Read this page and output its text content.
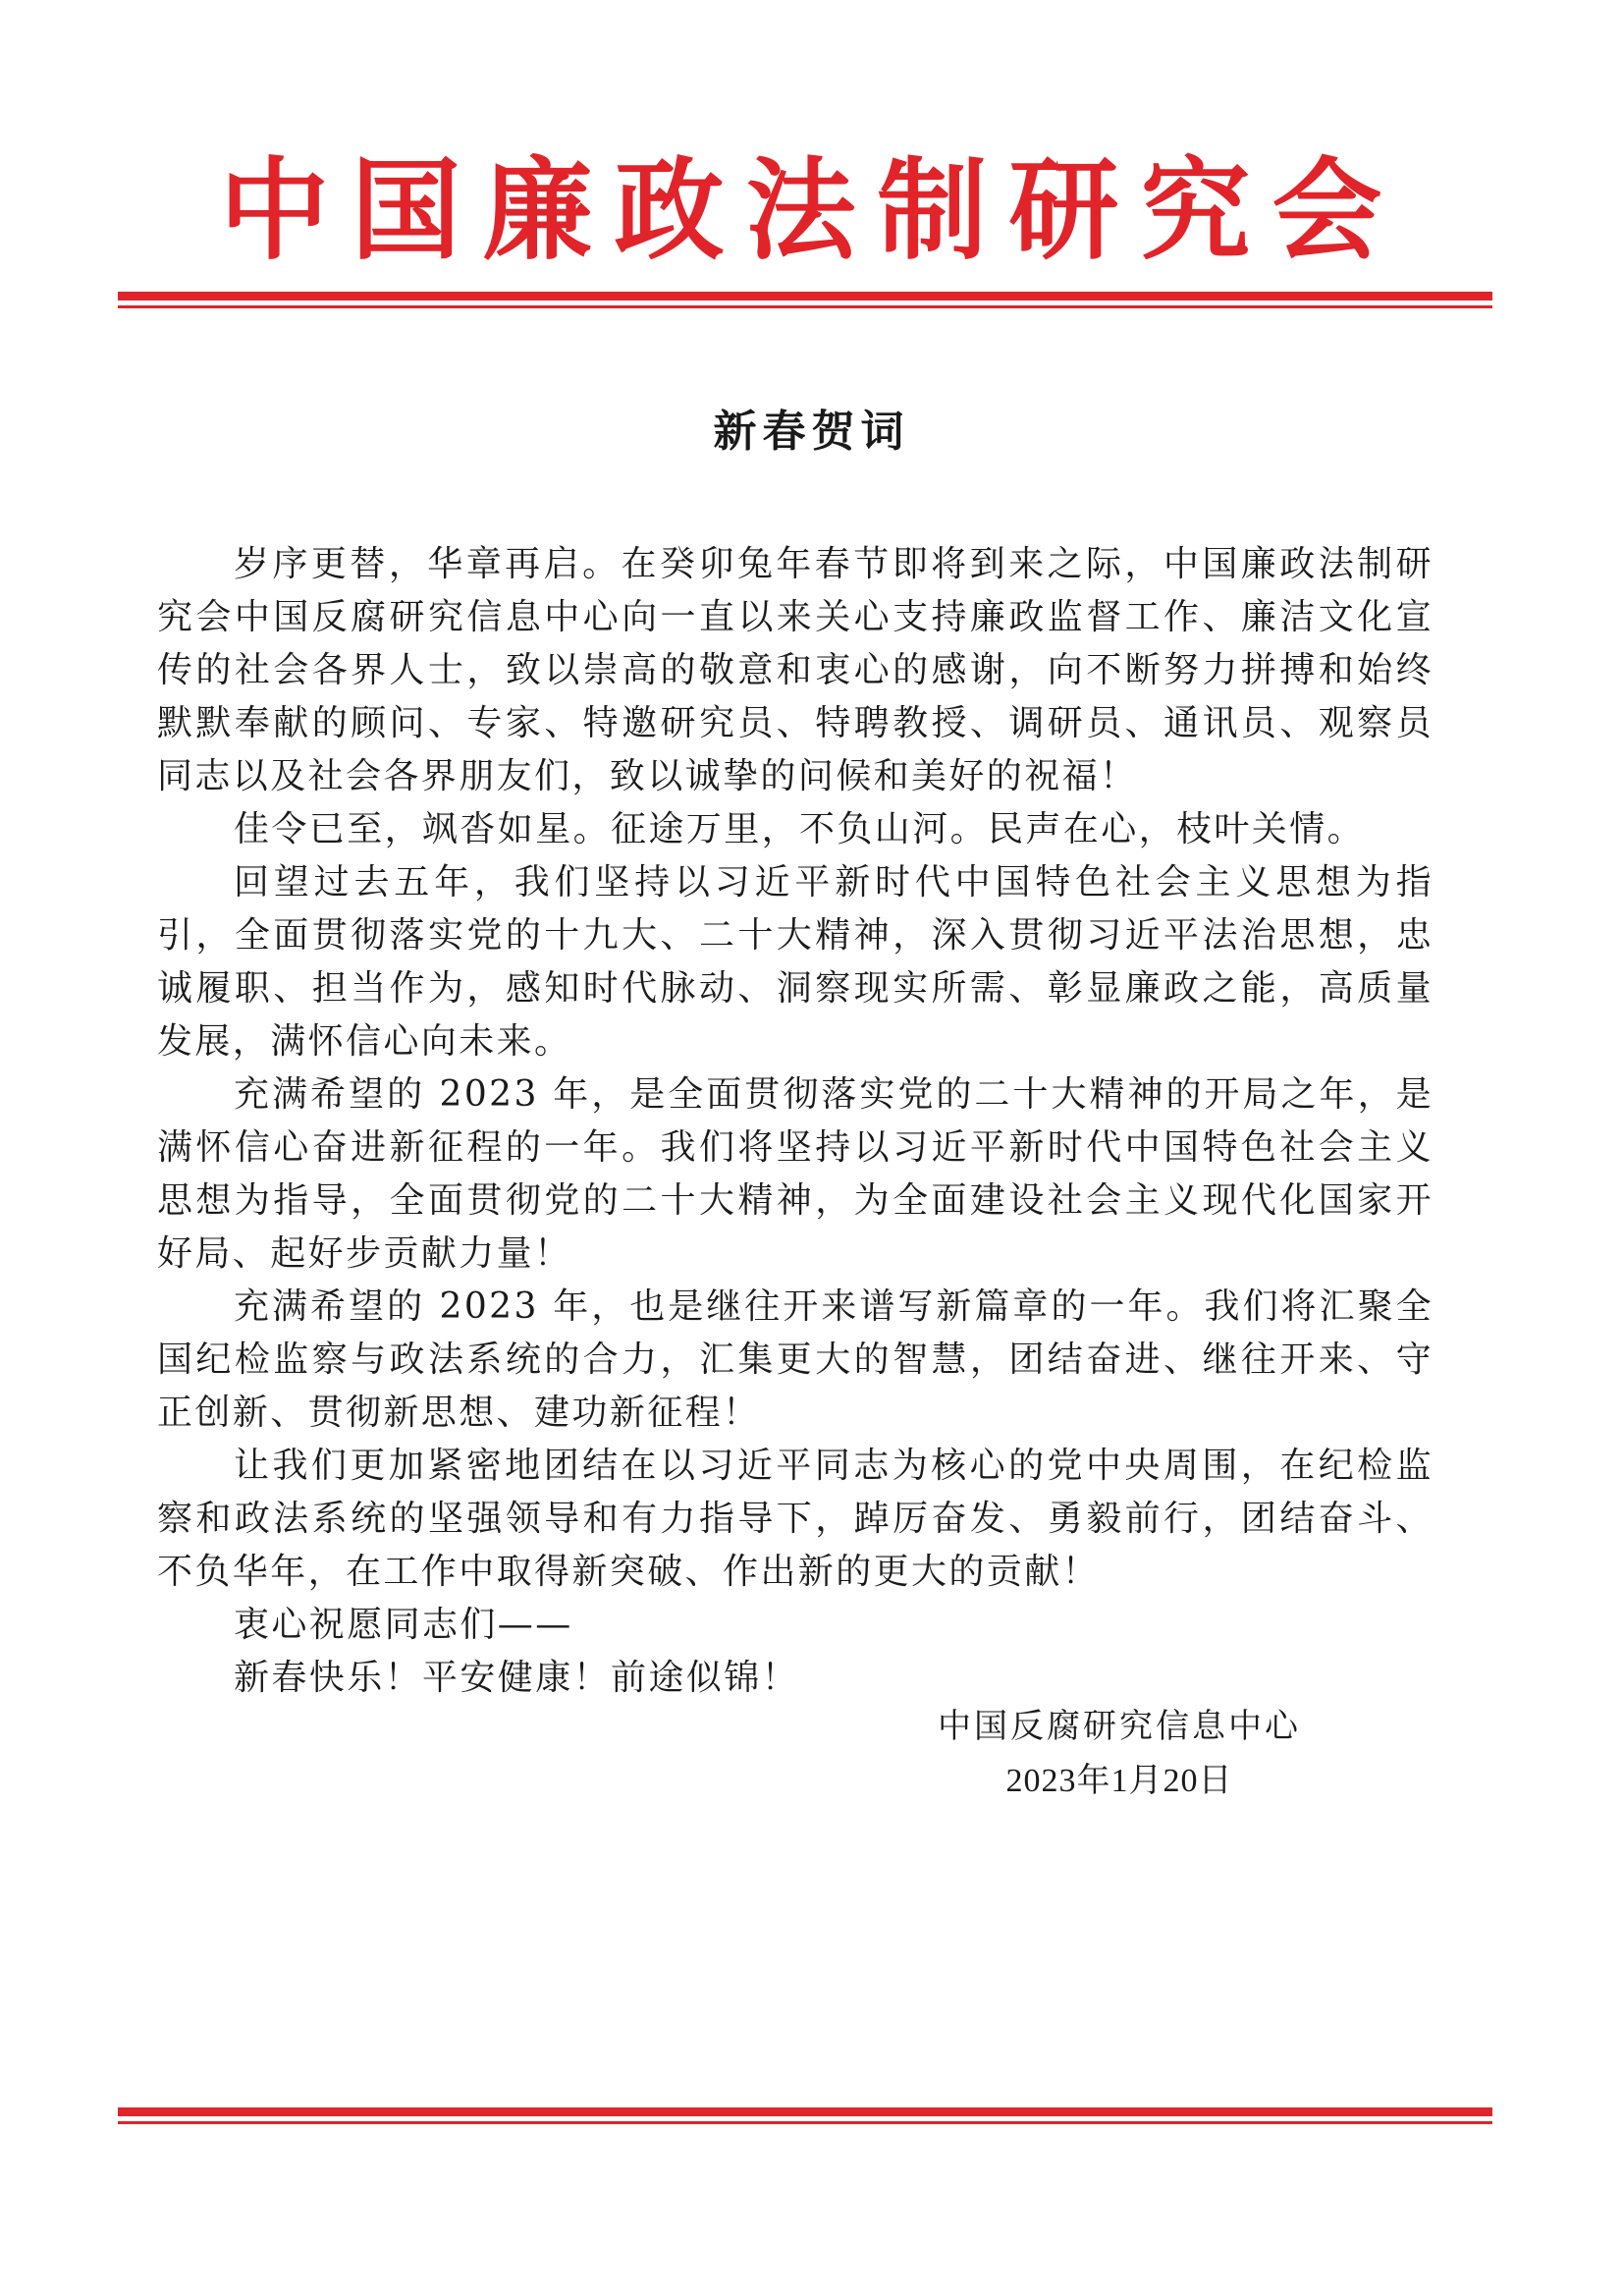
中国廉政法制研究会
新春贺词

岁序更替，华章再启。在癸卯兔年春节即将到来之际，中国廉政法制研究会中国反腐研究信息中心向一直以来关心支持廉政监督工作、廉洁文化宣传的社会各界人士，致以崇高的敬意和衷心的感谢，向不断努力拼搏和始终默默奉献的顾问、专家、特邀研究员、特聘教授、调研员、通讯员、观察员同志以及社会各界朋友们，致以诚挚的问候和美好的祝福！

佳令已至，飒沓如星。征途万里，不负山河。民声在心，枝叶关情。

回望过去五年，我们坚持以习近平新时代中国特色社会主义思想为指引，全面贯彻落实党的十九大、二十大精神，深入贯彻习近平法治思想，忠诚履职、担当作为，感知时代脉动、洞察现实所需、彰显廉政之能，高质量发展，满怀信心向未来。

充满希望的 2023 年，是全面贯彻落实党的二十大精神的开局之年，是满怀信心奋进新征程的一年。我们将坚持以习近平新时代中国特色社会主义思想为指导，全面贯彻党的二十大精神，为全面建设社会主义现代化国家开好局、起好步贡献力量！

充满希望的 2023 年，也是继往开来谱写新篇章的一年。我们将汇聚全国纪检监察与政法系统的合力，汇集更大的智慧，团结奋进、继往开来、守正创新、贯彻新思想、建功新征程！

让我们更加紧密地团结在以习近平同志为核心的党中央周围，在纪检监察和政法系统的坚强领导和有力指导下，踔厉奋发、勇毅前行，团结奋斗、不负华年，在工作中取得新突破、作出新的更大的贡献！

衷心祝愿同志们——

新春快乐！平安健康！前途似锦！

中国反腐研究信息中心
2023年1月20日
